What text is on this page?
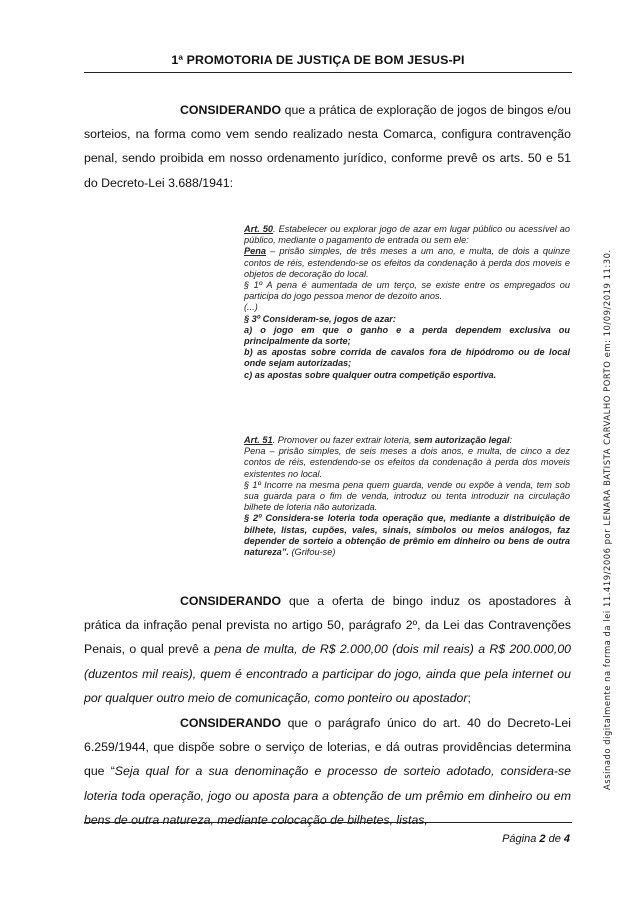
1ª PROMOTORIA DE JUSTIÇA DE BOM JESUS-PI

CONSIDERANDO que a prática de exploração de jogos de bingos e/ou sorteios, na forma como vem sendo realizado nesta Comarca, configura contravenção penal, sendo proibida em nosso ordenamento jurídico, conforme prevê os arts. 50 e 51 do Decreto-Lei 3.688/1941:

Art. 50. Estabelecer ou explorar jogo de azar em lugar público ou acessível ao público, mediante o pagamento de entrada ou sem ele:

Pena – prisão simples, de três meses a um ano, e multa, de dois a quinze contos de réis, estendendo-se os efeitos da condenação à perda dos moveis e objetos de decoração do local.

§ 1º A pena é aumentada de um terço, se existe entre os empregados ou participa do jogo pessoa menor de dezoito anos.

(...)

§ 3º Consideram-se, jogos de azar:

a) o jogo em que o ganho e a perda dependem exclusiva ou principalmente da sorte;

b) as apostas sobre corrida de cavalos fora de hipódromo ou de local onde sejam autorizadas;

c) as apostas sobre qualquer outra competição esportiva.

Art. 51. Promover ou fazer extrair loteria, sem autorização legal:

Pena – prisão simples, de seis meses a dois anos, e multa, de cinco a dez contos de réis, estendendo-se os efeitos da condenação à perda dos moveis existentes no local.

§ 1º Incorre na mesma pena quem guarda, vende ou expõe à venda, tem sob sua guarda para o fim de venda, introduz ou tenta introduzir na circulação bilhete de loteria não autorizada.

§ 2º Considera-se loteria toda operação que, mediante a distribuição de bilhete, listas, cupões, vales, sinais, símbolos ou meios análogos, faz depender de sorteio a obtenção de prêmio em dinheiro ou bens de outra natureza”. (Grifou-se)

CONSIDERANDO que a oferta de bingo induz os apostadores à prática da infração penal prevista no artigo 50, parágrafo 2º, da Lei das Contravenções Penais, o qual prevê a pena de multa, de R$ 2.000,00 (dois mil reais) a R$ 200.000,00 (duzentos mil reais), quem é encontrado a participar do jogo, ainda que pela internet ou por qualquer outro meio de comunicação, como ponteiro ou apostador;

CONSIDERANDO que o parágrafo único do art. 40 do Decreto-Lei 6.259/1944, que dispõe sobre o serviço de loterias, e dá outras providências determina que “Seja qual for a sua denominação e processo de sorteio adotado, considera-se loteria toda operação, jogo ou aposta para a obtenção de um prêmio em dinheiro ou em bens de outra natureza, mediante colocação de bilhetes, listas,

Página 2 de 4
Assinado digitalmente na forma da lei 11.419/2006 por LENARA BATISTA CARVALHO PORTO em: 10/09/2019 11:30.
